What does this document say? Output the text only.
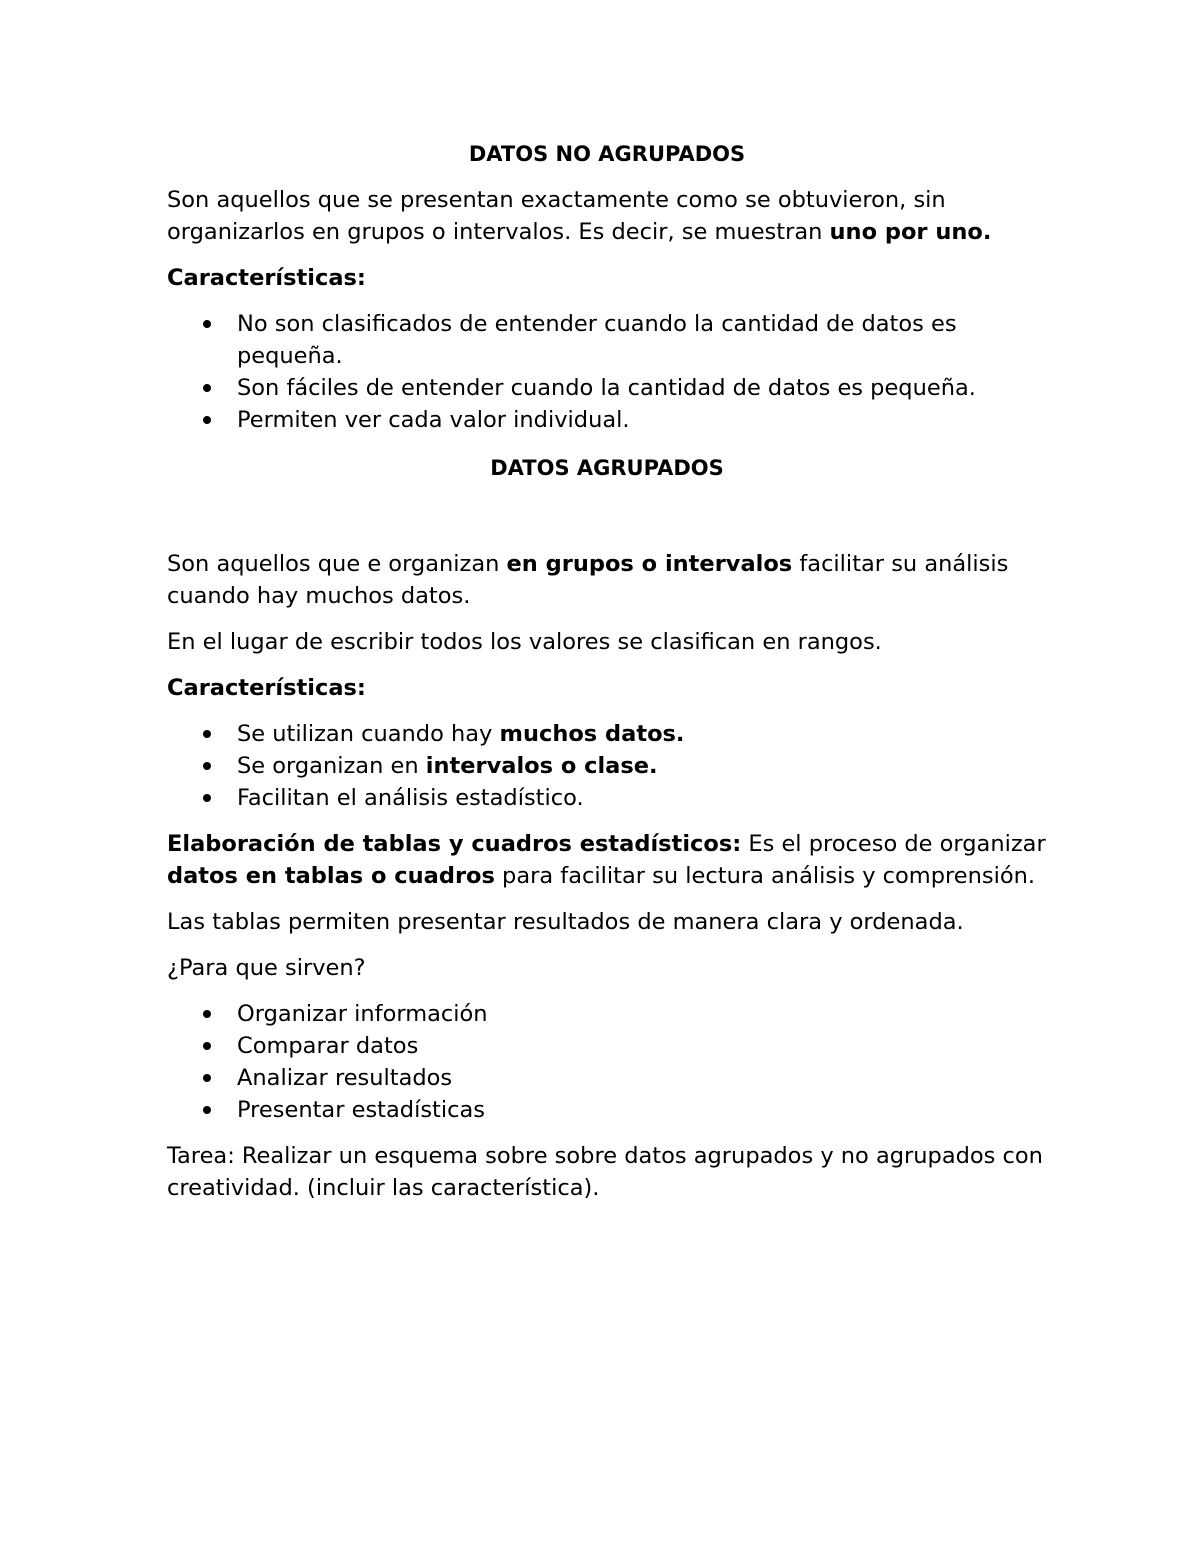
DATOS NO AGRUPADOS

Son aquellos que se presentan exactamente como se obtuvieron, sin organizarlos en grupos o intervalos. Es decir, se muestran uno por uno.

Características:

No son clasificados de entender cuando la cantidad de datos es pequeña.
Son fáciles de entender cuando la cantidad de datos es pequeña.
Permiten ver cada valor individual.
DATOS AGRUPADOS

Son aquellos que e organizan en grupos o intervalos facilitar su análisis cuando hay muchos datos.

En el lugar de escribir todos los valores se clasifican en rangos.

Características:

Se utilizan cuando hay muchos datos.
Se organizan en intervalos o clase.
Facilitan el análisis estadístico.

Elaboración de tablas y cuadros estadísticos: Es el proceso de organizar datos en tablas o cuadros para facilitar su lectura análisis y comprensión.

Las tablas permiten presentar resultados de manera clara y ordenada.

¿Para que sirven?

Organizar información
Comparar datos
Analizar resultados
Presentar estadísticas

Tarea: Realizar un esquema sobre sobre datos agrupados y no agrupados con creatividad. (incluir las característica).
